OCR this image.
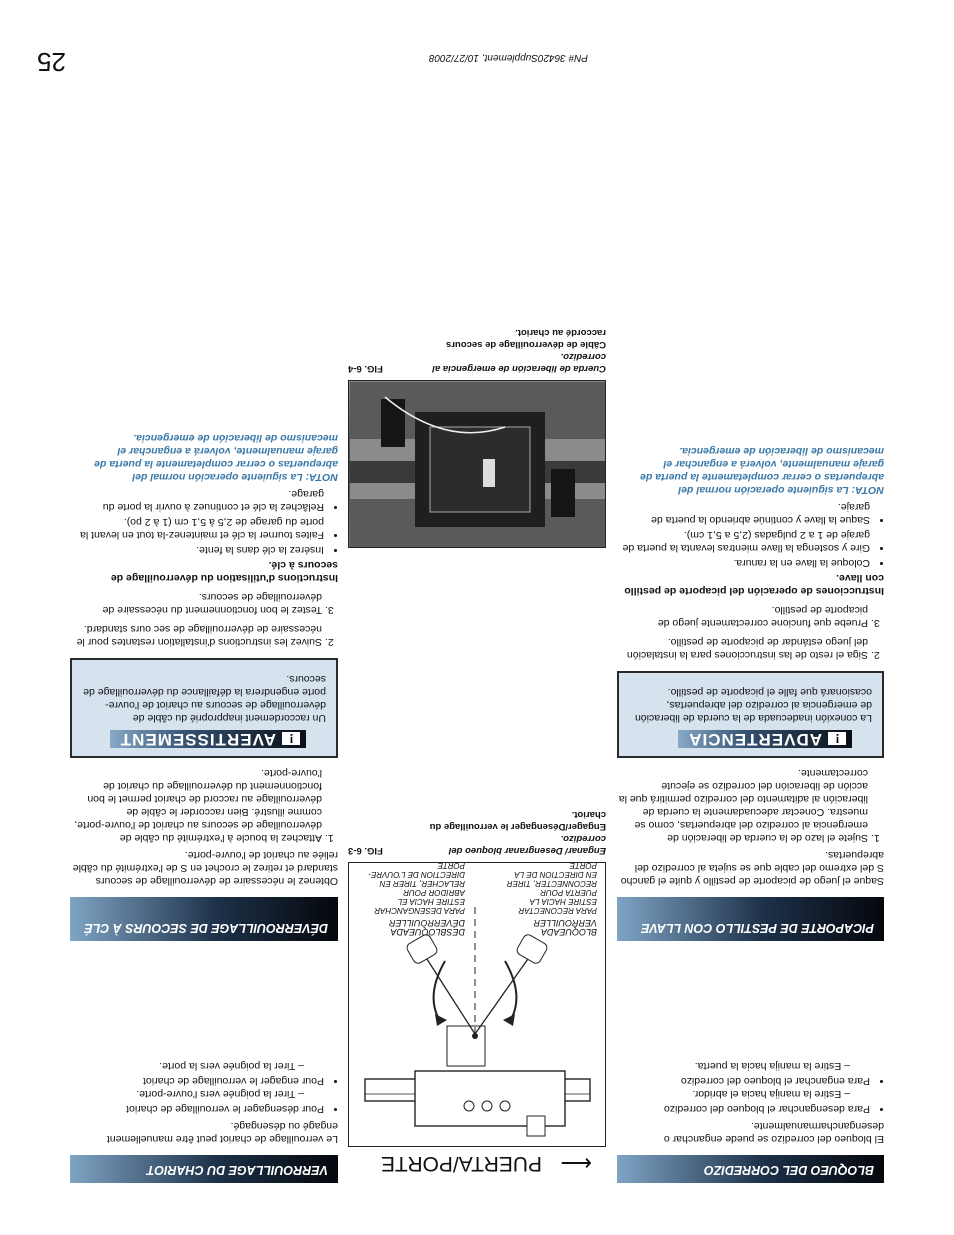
25	PN# 36420Supplement, 10/27/2008
BLOQUEO DEL CORREDIZO

El bloqueo del corredizo se puede enganchar o desengancharmanualmente.

• Para desenganchar el bloqueo del corredizo
– Estire la manija hacia el abridor.
• Para enganchar el bloqueo del corredizo
– Estire la manija hacia la puerta.
PICAPORTE DE PESTILLO CON LLAVE

Saque el juego de picaporte de pestillo y quite el gancho S del extremo del cable que se sujeta al corredizo del abrepuertas.

1. Sujete el lazo de la cuerda de liberación de emergencia al corredizo del abrepuertas, como se muestra. Conectar adecuadamente la cuerda de liberación al aditamento del corredizo permitirá que la acción de liberación del corredizo se ejecute correctamente.
!ADVERTENCIA

La conexión inadecuada de la cuerda de liberación de emergencia al corredizo del abrepuertas, ocasionará que falle el picaporte de pestillo.

2. Siga el resto de las instrucciones para la instalación del juego estándar de picaporte de pestillo.
3. Pruebe que funcione correctamente juego de picaporte de pestillo.
Instrucciones de operación del picaporte de pestillo con llave.
• Coloque la llave en la ranura.
• Gire y sostenga la llave mientras levanta la puerta de garaje de 1 a 2 pulgadas (2,5 a 5,1 cm).
• Saque la llave y continúe abriendo la puerta de garaje.

NOTA: La siguiente operación normal del abrepuertas o cerrar completamente la puerta de garaje manualmente, volverá a enganchar el mecanismo de liberación de emergencia.

⟵
PUERTA/PORTE
BLOQUEADA VERROUILLER
PARA RECONECTAR ESTIRE HACIA LA PUERTA POUR RECONNECTER, TIRER EN DIRECTION DE LA PORTE
DESBLOQUEADA DÉVERROUILLER
PARA DESENGANCHAR ESTIRE HACIA EL ABRIDOR POUR RELACHER, TIRER EN DIRECTION DE L'OUVRE-PORTE
Enganar/ Desengranar bloqueo del corredizo.
Engager/Désengager le verrouillage du chariot.
FIG. 6-3
Cuerda de liberación de emergencia al corredizo.
Câble de déverrouillage de secours raccordé au chariot.
FIG. 6-4
VERROUILLAGE DU CHARIOT

Le verrouillage de chariot peut être manuellement engagé ou désengagé.

• Pour désengager le verrouillage de chariot
– Tirer la poignée vers l'ouvre-porte.
• Pour engager le verrouillage de chariot
– Tirer la poignée vers la porte.
DÉVERROUILLAGE DE SECOURS À CLÉ

Obtenez le nécessaire de déverrouillage de secours standard et retirez le crochet en S de l'extrémité du câble reliée au chariot de l'ouvre-porte.

1. Attachez la boucle à l'extrémité du câble de déverrouillage de secours au chariot de l'ouvre-porte, comme illustré. Bien raccorder le câble de déverrouillage au raccord de chariot permet le bon fonctionnement du déverrouillage du chariot de l'ouvre-porte.
!AVERTISSEMENT

Un raccordement inapproprié du câble de déverrouillage de secours au chariot de l'ouvre-porte engendrera la défaillance du déverrouillage de secours.

2. Suivez les instructions d'installation restantes pour le nécessaire de déverrouillage de sec ours standard.
3. Testez le bon fonctionnement du nécessaire de déverrouillage de secours.
Instructions d'utilisation du déverrouillage de secours à clé.
• Insérez la clé dans la fente.
• Faites tourner la clé et maintenez-la tout en levant la porte du garage de 2,5 à 5,1 cm (1 à 2 po).
• Relâchez la clé et continuez à ouvrir la porte du garage.

NOTA: La siguiente operación normal del abrepuertas o cerrar completamente la puerta de garaje manualmente, volverá a enganchar el mecanismo de liberación de emergencia.
